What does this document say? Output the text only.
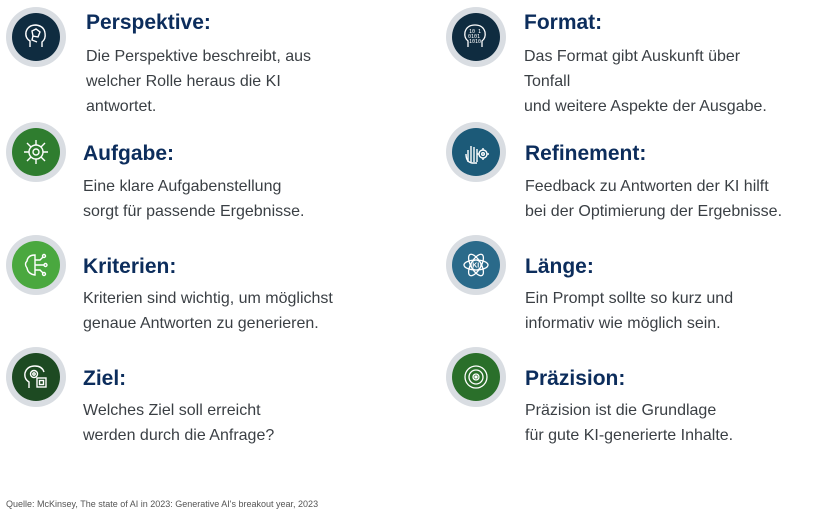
Perspektive:

Die Perspektive beschreibt, aus
welcher Rolle heraus die KI
antwortet.

Aufgabe:

Eine klare Aufgabenstellung
sorgt für passende Ergebnisse.

Kriterien:

Kriterien sind wichtig, um möglichst
genaue Antworten zu generieren.

Ziel:

Welches Ziel soll erreicht
werden durch die Anfrage?

10 1
0101
1010
Format:

Das Format gibt Auskunft über
Tonfall
und weitere Aspekte der Ausgabe.

Refinement:

Feedback zu Antworten der KI hilft
bei der Optimierung der Ergebnisse.

KI Länge:

Ein Prompt sollte so kurz und
informativ wie möglich sein.

Präzision:

Präzision ist die Grundlage
für gute KI-generierte Inhalte.

Quelle: McKinsey, The state of AI in 2023: Generative AI's breakout year, 2023
